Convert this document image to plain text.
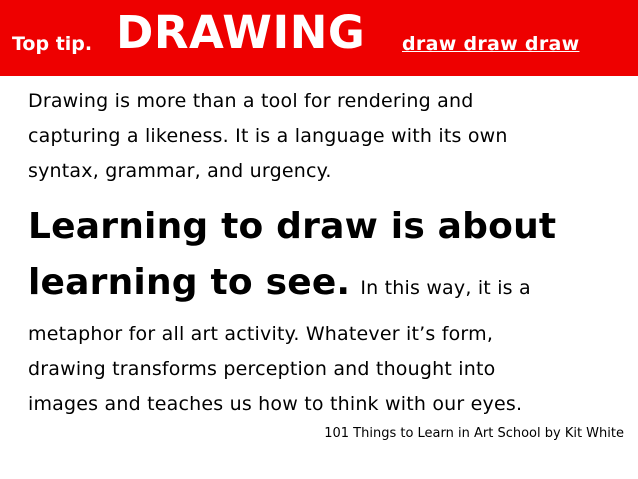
Top tip. DRAWING draw draw draw
Drawing is more than a tool for rendering and
capturing a likeness. It is a language with its own
syntax, grammar, and urgency.
Learning to draw is about
learning to see. In this way, it is a
metaphor for all art activity. Whatever it’s form,
drawing transforms perception and thought into
images and teaches us how to think with our eyes.
101 Things to Learn in Art School by Kit White
